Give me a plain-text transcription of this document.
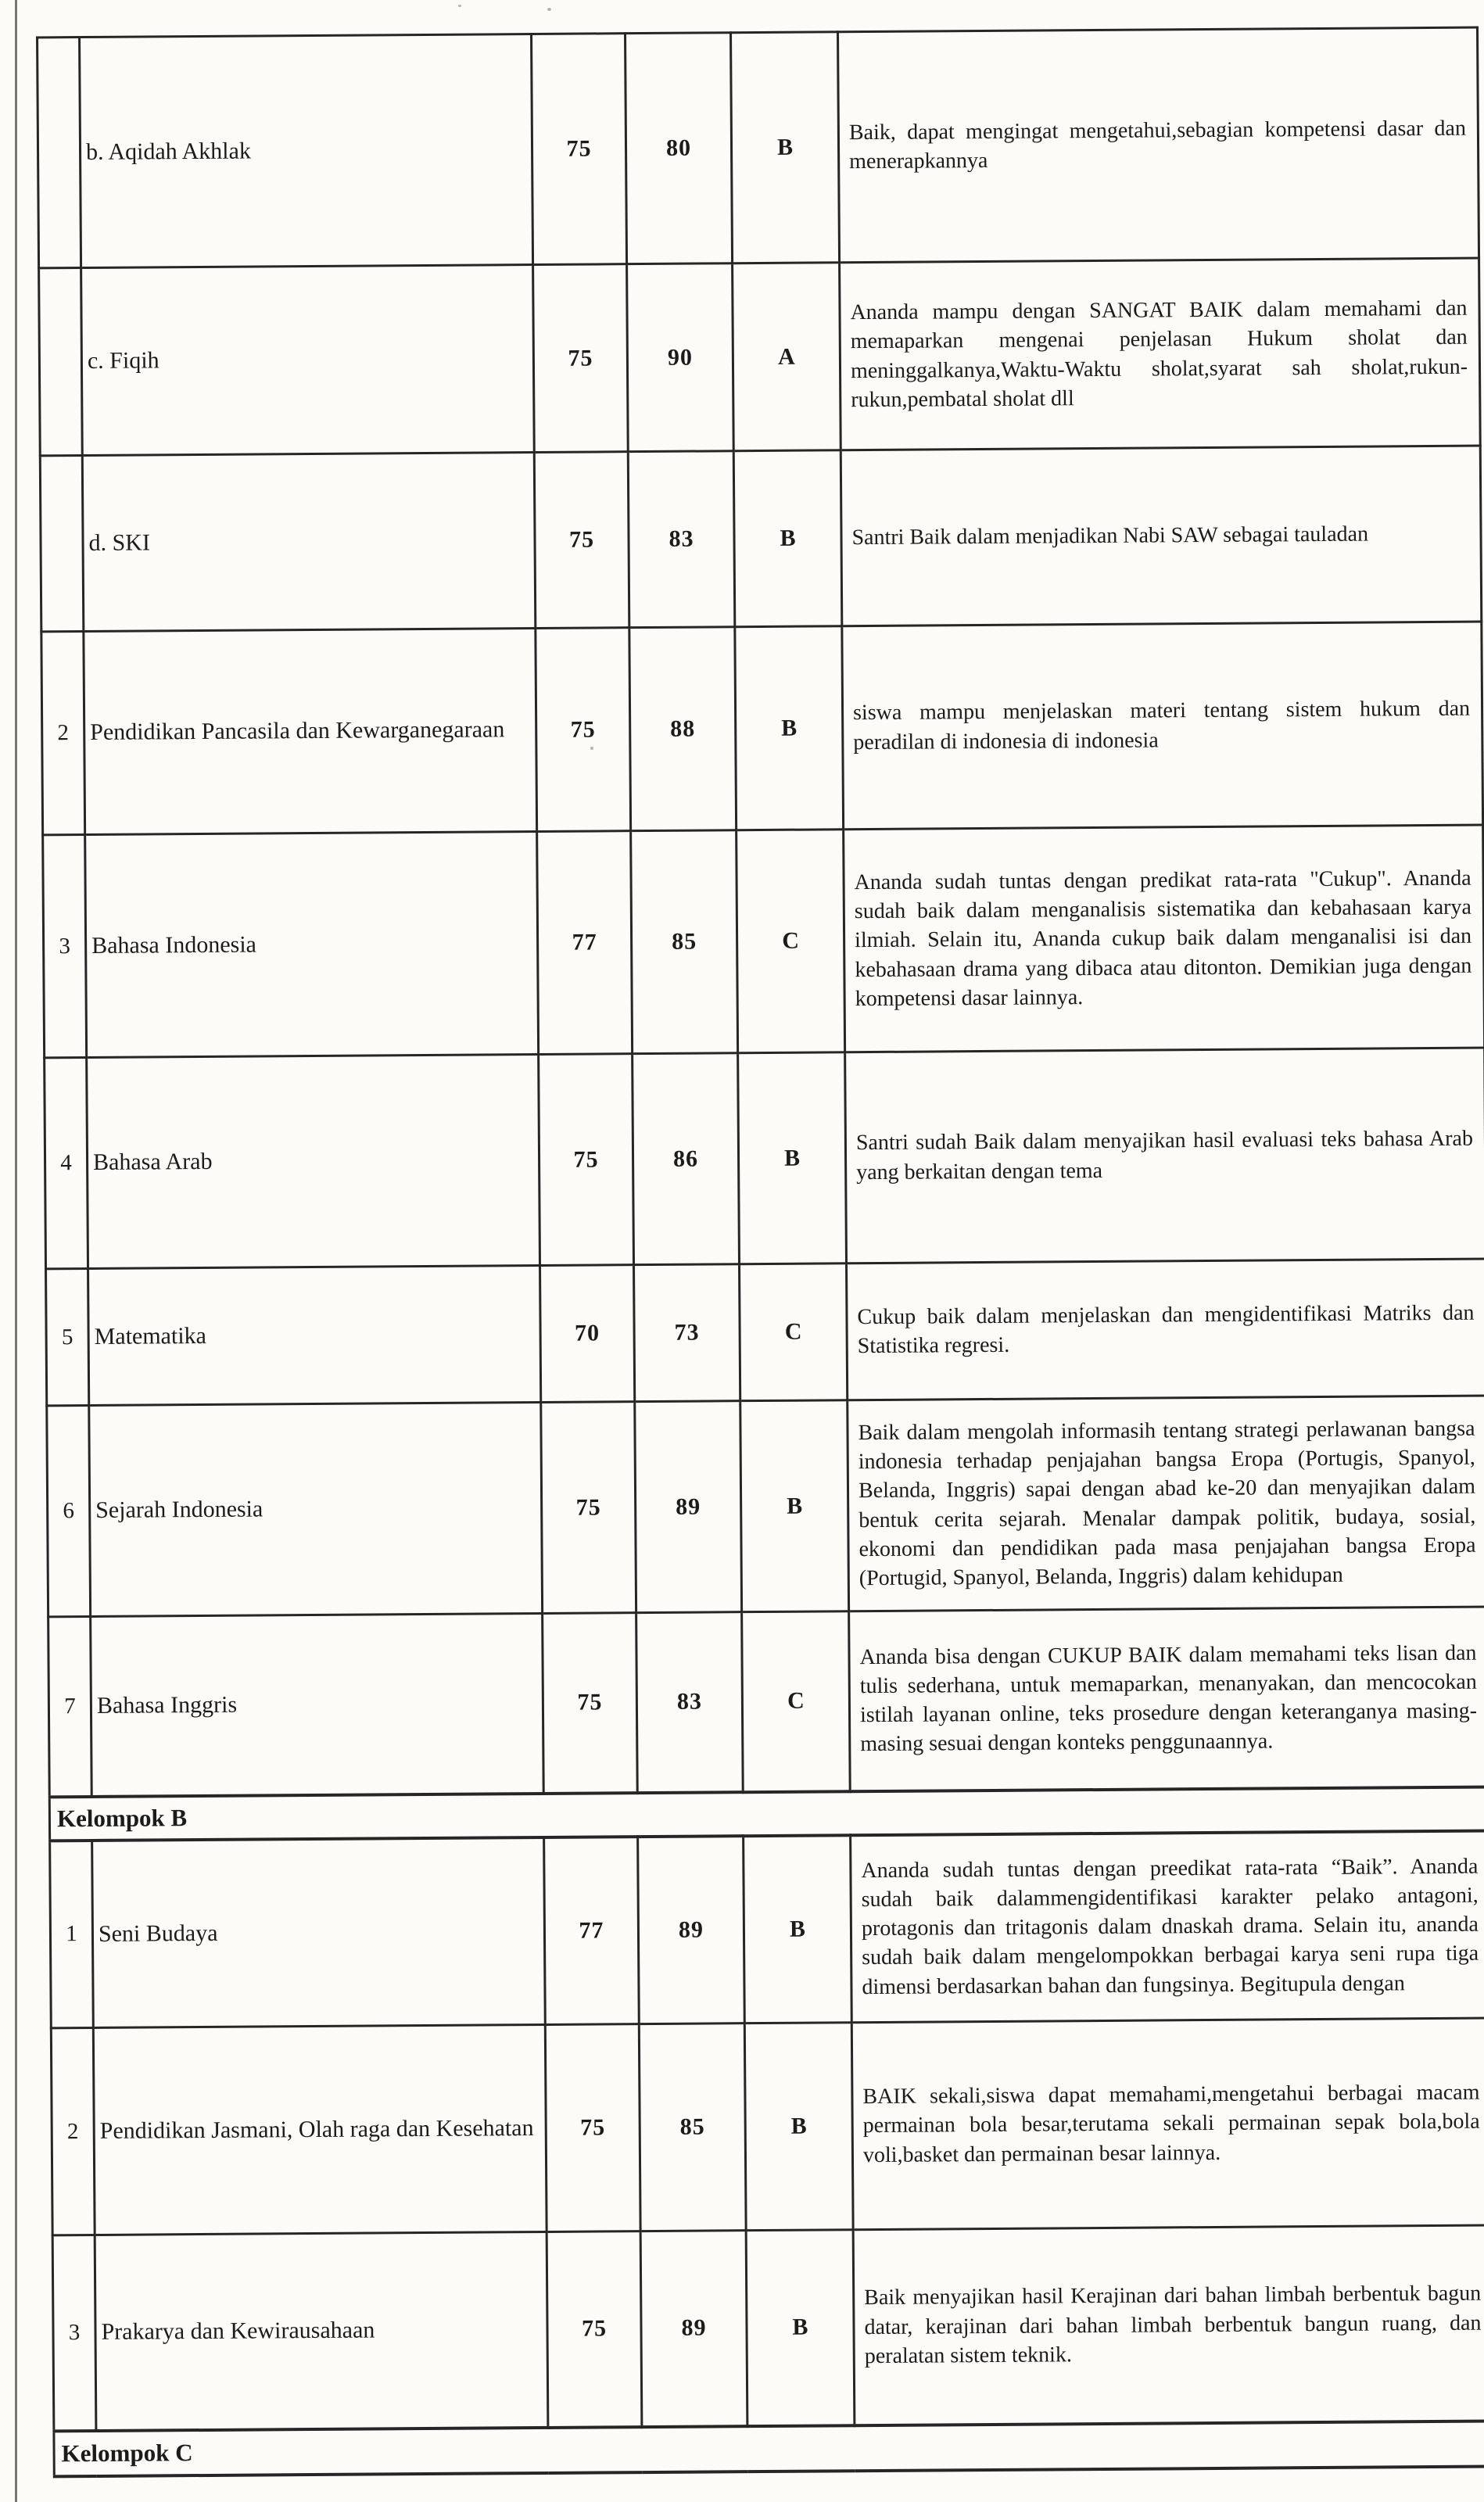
	b. Aqidah Akhlak	75	80	B	Baik, dapat mengingat mengetahui,sebagian kompetensi dasar dan menerapkannya
	c. Fiqih	75	90	A	Ananda mampu dengan SANGAT BAIK dalam memahami dan memaparkan mengenai penjelasan Hukum sholat dan meninggalkanya,Waktu-Waktu sholat,syarat sah sholat,rukun-rukun,pembatal sholat dll
	d. SKI	75	83	B	Santri Baik dalam menjadikan Nabi SAW sebagai tauladan
2	Pendidikan Pancasila dan Kewarganegaraan	75	88	B	siswa mampu menjelaskan materi tentang sistem hukum dan peradilan di indonesia di indonesia
3	Bahasa Indonesia	77	85	C	Ananda sudah tuntas dengan predikat rata-rata "Cukup". Ananda sudah baik dalam menganalisis sistematika dan kebahasaan karya ilmiah. Selain itu, Ananda cukup baik dalam menganalisi isi dan kebahasaan drama yang dibaca atau ditonton. Demikian juga dengan kompetensi dasar lainnya.
4	Bahasa Arab	75	86	B	Santri sudah Baik dalam menyajikan hasil evaluasi teks bahasa Arab yang berkaitan dengan tema
5	Matematika	70	73	C	Cukup baik dalam menjelaskan dan mengidentifikasi Matriks dan Statistika regresi.
6	Sejarah Indonesia	75	89	B	Baik dalam mengolah informasih tentang strategi perlawanan bangsa indonesia terhadap penjajahan bangsa Eropa (Portugis, Spanyol, Belanda, Inggris) sapai dengan abad ke-20 dan menyajikan dalam bentuk cerita sejarah. Menalar dampak politik, budaya, sosial, ekonomi dan pendidikan pada masa penjajahan bangsa Eropa (Portugid, Spanyol, Belanda, Inggris) dalam kehidupan
7	Bahasa Inggris	75	83	C	Ananda bisa dengan CUKUP BAIK dalam memahami teks lisan dan tulis sederhana, untuk memaparkan, menanyakan, dan mencocokan istilah layanan online, teks prosedure dengan keteranganya masing-masing sesuai dengan konteks penggunaannya.
Kelompok B					
1	Seni Budaya	77	89	B	Ananda sudah tuntas dengan preedikat rata-rata “Baik”. Ananda sudah baik dalammengidentifikasi karakter pelako antagoni, protagonis dan tritagonis dalam dnaskah drama. Selain itu, ananda sudah baik dalam mengelompokkan berbagai karya seni rupa tiga dimensi berdasarkan bahan dan fungsinya. Begitupula dengan
2	Pendidikan Jasmani, Olah raga dan Kesehatan	75	85	B	BAIK sekali,siswa dapat memahami,mengetahui berbagai macam permainan bola besar,terutama sekali permainan sepak bola,bola voli,basket dan permainan besar lainnya.
3	Prakarya dan Kewirausahaan	75	89	B	Baik menyajikan hasil Kerajinan dari bahan limbah berbentuk bagun datar, kerajinan dari bahan limbah berbentuk bangun ruang, dan peralatan sistem teknik.
Kelompok C					
